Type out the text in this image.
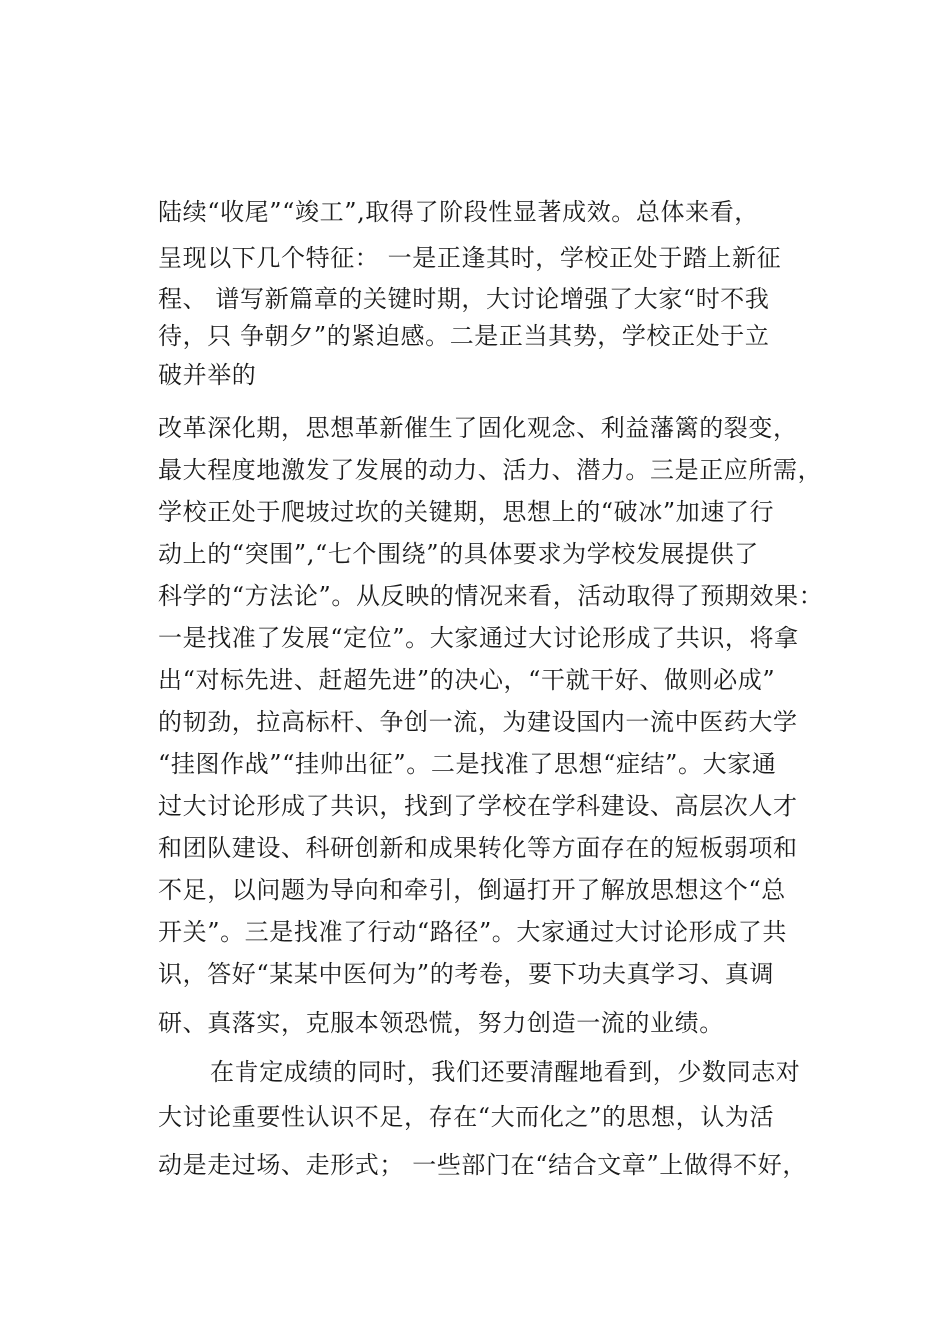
陆续“收尾”“竣工”,取得了阶段性显著成效。总体来看，
呈现以下几个特征： 一是正逢其时，学校正处于踏上新征
程、 谱写新篇章的关键时期，大讨论增强了大家“时不我
待，只 争朝夕”的紧迫感。二是正当其势，学校正处于立
破并举的
改革深化期，思想革新催生了固化观念、利益藩篱的裂变，
最大程度地激发了发展的动力、活力、潜力。三是正应所需，
学校正处于爬坡过坎的关键期，思想上的“破冰”加速了行
动上的“突围”,“七个围绕”的具体要求为学校发展提供了
科学的“方法论”。从反映的情况来看，活动取得了预期效果：
一是找准了发展“定位”。大家通过大讨论形成了共识，将拿
出“对标先进、赶超先进”的决心，“干就干好、做则必成”
的韧劲，拉高标杆、争创一流，为建设国内一流中医药大学
“挂图作战”“挂帅出征”。二是找准了思想“症结”。大家通
过大讨论形成了共识，找到了学校在学科建设、高层次人才
和团队建设、科研创新和成果转化等方面存在的短板弱项和
不足，以问题为导向和牵引，倒逼打开了解放思想这个“总
开关”。三是找准了行动“路径”。大家通过大讨论形成了共
识，答好“某某中医何为”的考卷，要下功夫真学习、真调
研、真落实，克服本领恐慌，努力创造一流的业绩。
在肯定成绩的同时，我们还要清醒地看到，少数同志对
大讨论重要性认识不足，存在“大而化之”的思想，认为活
动是走过场、走形式； 一些部门在“结合文章”上做得不好，
